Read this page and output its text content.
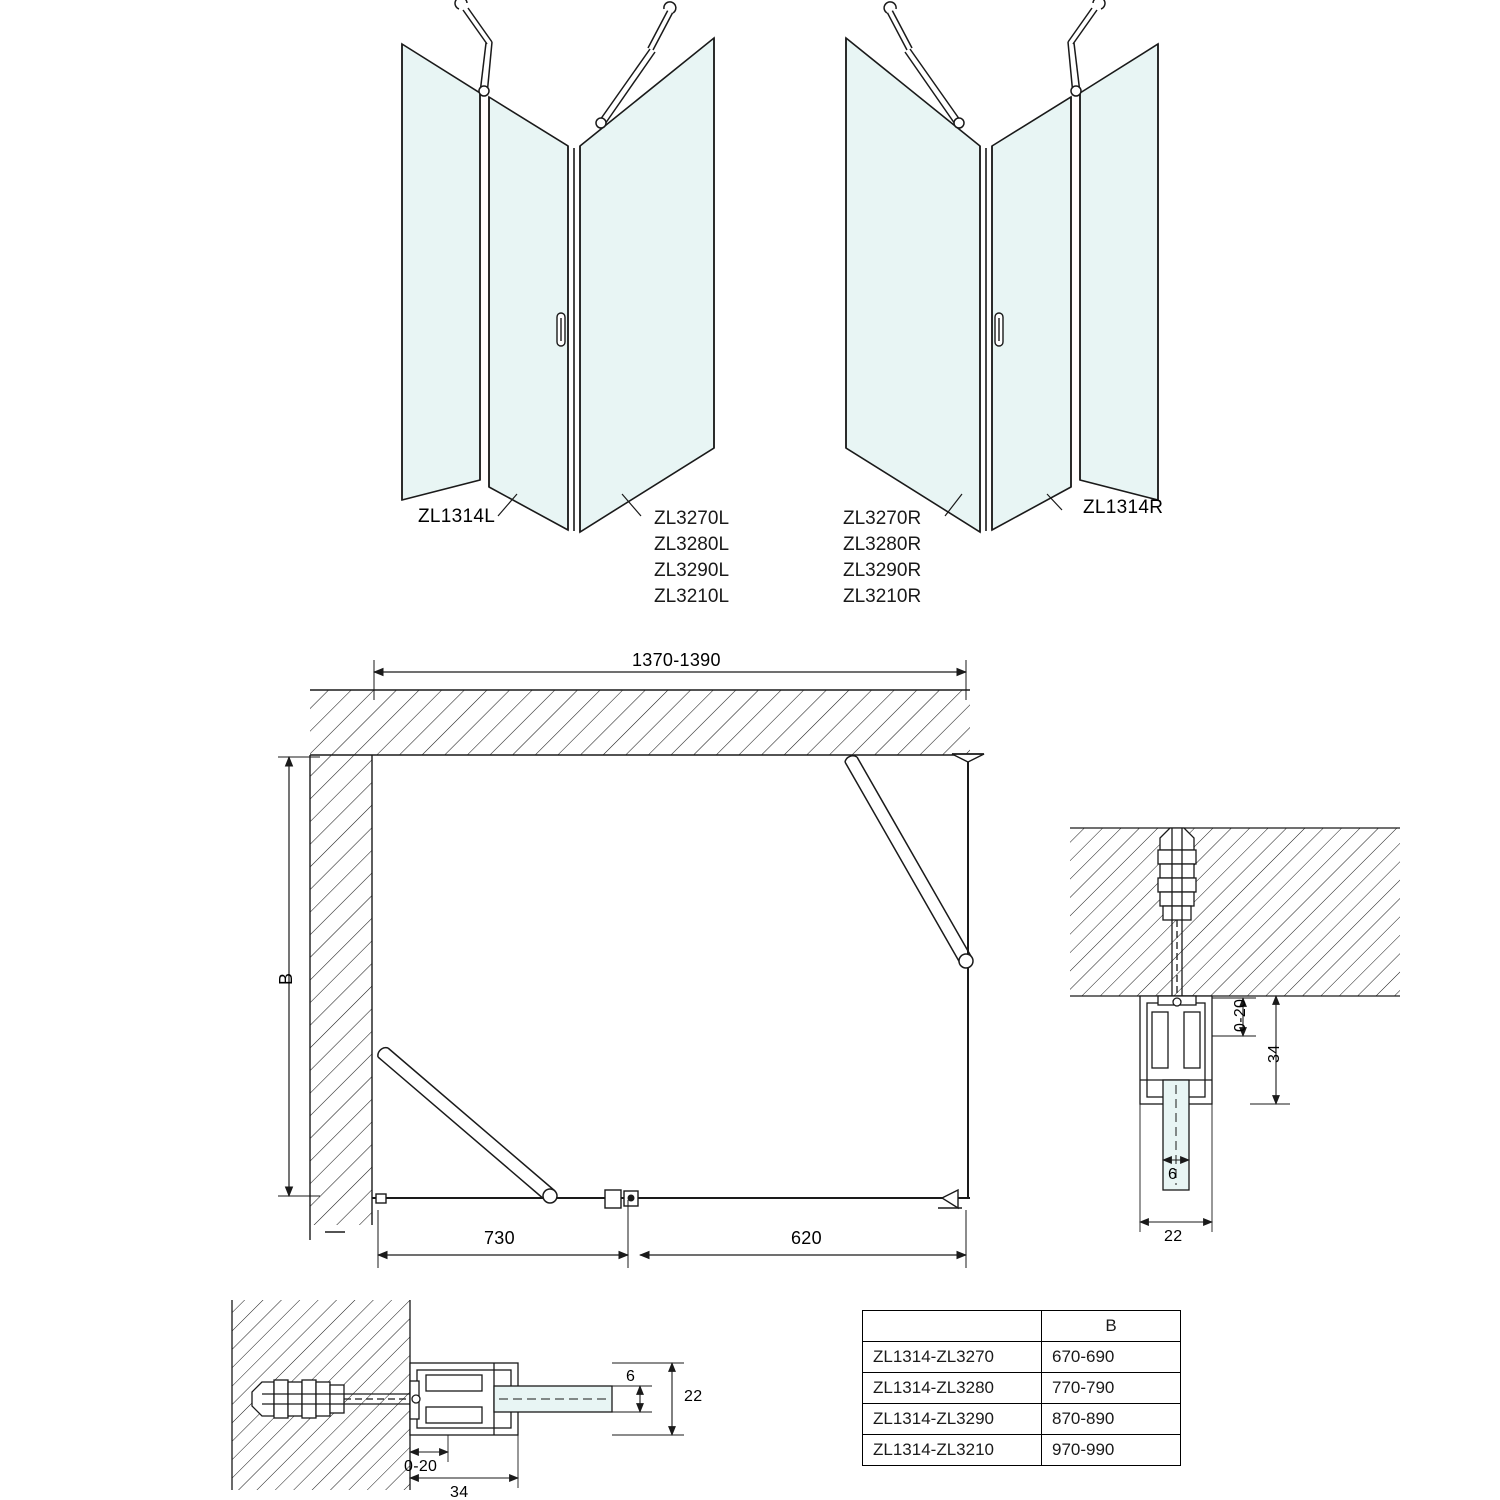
ZL1314L	ZL3270L
ZL3280L
ZL3290L
ZL3210L
ZL3270R
ZL3280R
ZL3290R
ZL3210R
ZL1314R
1370-1390
B
730	620
0-20
34
6
22
6
22
0-20
34
	B
ZL1314-ZL3270	670-690
ZL1314-ZL3280	770-790
ZL1314-ZL3290	870-890
ZL1314-ZL3210	970-990
